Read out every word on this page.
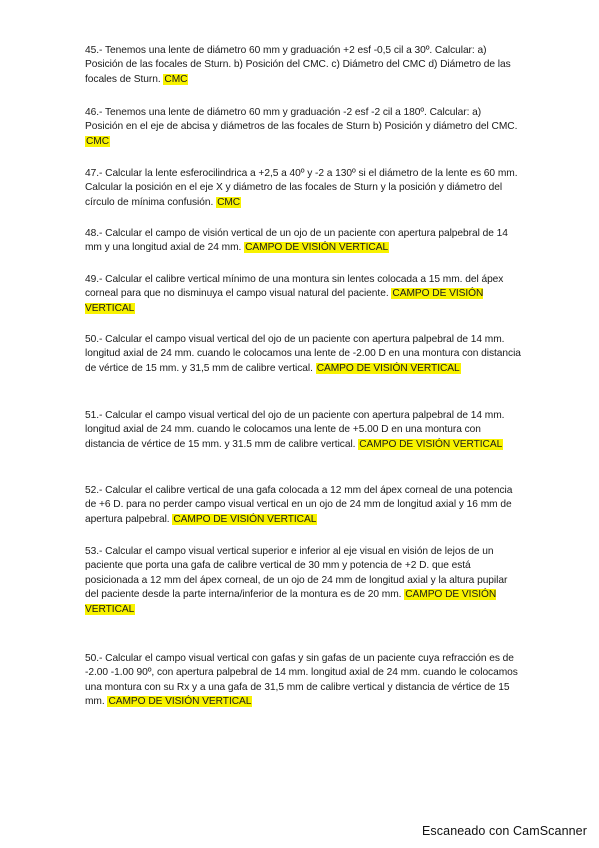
45.- Tenemos una lente de diámetro 60 mm y graduación +2 esf -0,5 cil a 30º. Calcular: a) Posición de las focales de Sturn. b) Posición del CMC. c) Diámetro del CMC d) Diámetro de las focales de Sturn. CMC

46.- Tenemos una lente de diámetro 60 mm y graduación -2 esf -2 cil a 180º. Calcular: a) Posición en el eje de abcisa y diámetros de las focales de Sturn b) Posición y diámetro del CMC. CMC

47.- Calcular la lente esferocilindrica a +2,5 a 40º y -2 a 130º si el diámetro de la lente es 60 mm. Calcular la posición en el eje X y diámetro de las focales de Sturn y la posición y diámetro del círculo de mínima confusión. CMC

48.- Calcular el campo de visión vertical de un ojo de un paciente con apertura palpebral de 14 mm y una longitud axial de 24 mm. CAMPO DE VISIÓN VERTICAL

49.- Calcular el calibre vertical mínimo de una montura sin lentes colocada a 15 mm. del ápex corneal para que no disminuya el campo visual natural del paciente. CAMPO DE VISIÓN VERTICAL

50.- Calcular el campo visual vertical del ojo de un paciente con apertura palpebral de 14 mm. longitud axial de 24 mm. cuando le colocamos una lente de -2.00 D en una montura con distancia de vértice de 15 mm. y 31,5 mm de calibre vertical. CAMPO DE VISIÓN VERTICAL

51.- Calcular el campo visual vertical del ojo de un paciente con apertura palpebral de 14 mm. longitud axial de 24 mm. cuando le colocamos una lente de +5.00 D en una montura con distancia de vértice de 15 mm. y 31.5 mm de calibre vertical. CAMPO DE VISIÓN VERTICAL

52.- Calcular el calibre vertical de una gafa colocada a 12 mm del ápex corneal de una potencia de +6 D. para no perder campo visual vertical en un ojo de 24 mm de longitud axial y 16 mm de apertura palpebral. CAMPO DE VISIÓN VERTICAL

53.- Calcular el campo visual vertical superior e inferior al eje visual en visión de lejos de un paciente que porta una gafa de calibre vertical de 30 mm y potencia de +2 D. que está posicionada a 12 mm del ápex corneal, de un ojo de 24 mm de longitud axial y la altura pupilar del paciente desde la parte interna/inferior de la montura es de 20 mm. CAMPO DE VISIÓN VERTICAL

50.- Calcular el campo visual vertical con gafas y sin gafas de un paciente cuya refracción es de -2.00 -1.00 90º, con apertura palpebral de 14 mm. longitud axial de 24 mm. cuando le colocamos una montura con su Rx y a una gafa de 31,5 mm de calibre vertical y distancia de vértice de 15 mm. CAMPO DE VISIÓN VERTICAL

Escaneado con CamScanner
